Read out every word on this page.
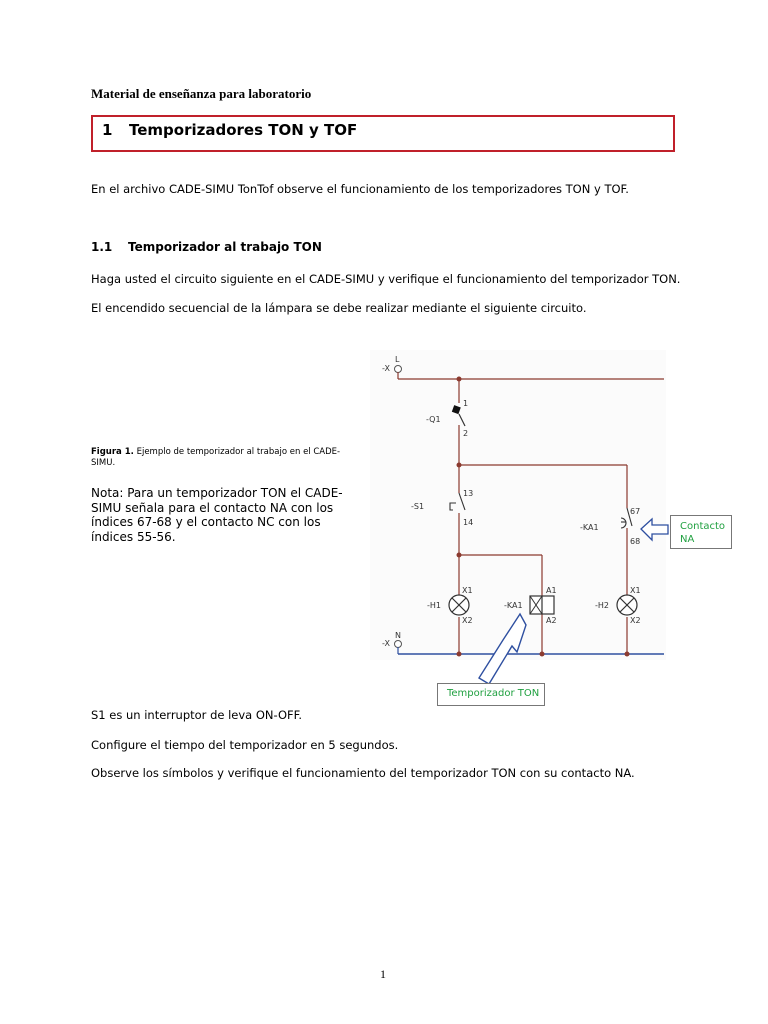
Material de enseñanza para laboratorio
1 Temporizadores TON y TOF
En el archivo CADE-SIMU TonTof observe el funcionamiento de los temporizadores TON y TOF.
1.1 Temporizador al trabajo TON
Haga usted el circuito siguiente en el CADE-SIMU y verifique el funcionamiento del temporizador TON.
El encendido secuencial de la lámpara se debe realizar mediante el siguiente circuito.
Figura 1. Ejemplo de temporizador al trabajo en el CADE-SIMU.
Nota: Para un temporizador TON el CADE-SIMU señala para el contacto NA con los índices 67-68 y el contacto NC con los índices 55-56.
-X
L
-Q1
1
2
-S1
13
14
-KA1
67
68
-H1
X1
X2
-KA1
A1
A2
-H2
X1
X2
-X
N
Contacto NA
Temporizador TON
S1 es un interruptor de leva ON-OFF.
Configure el tiempo del temporizador en 5 segundos.
Observe los símbolos y verifique el funcionamiento del temporizador TON con su contacto NA.
1
